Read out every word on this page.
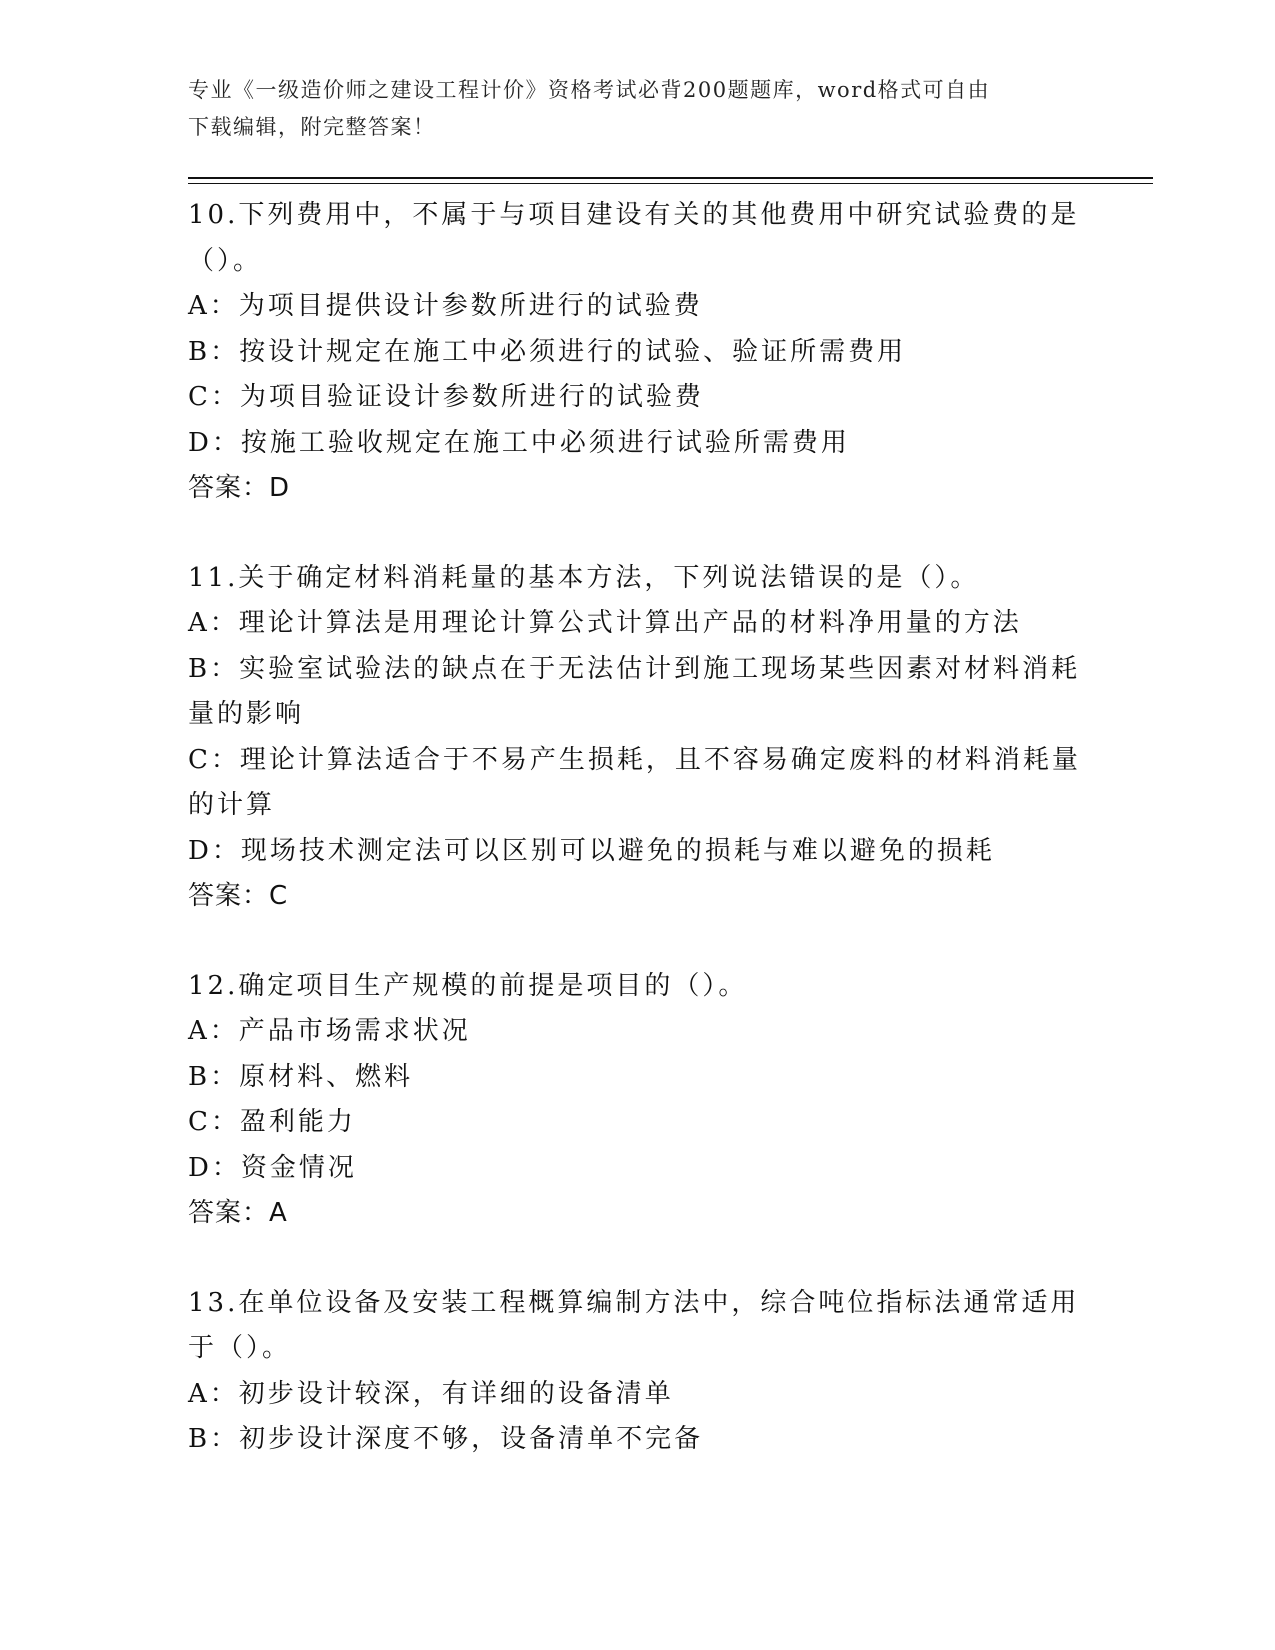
专业《一级造价师之建设工程计价》资格考试必背200题题库，word格式可自由
下载编辑，附完整答案！
10.下列费用中，不属于与项目建设有关的其他费用中研究试验费的是（）。
A：为项目提供设计参数所进行的试验费
B：按设计规定在施工中必须进行的试验、验证所需费用
C：为项目验证设计参数所进行的试验费
D：按施工验收规定在施工中必须进行试验所需费用
答案：D
11.关于确定材料消耗量的基本方法，下列说法错误的是（）。
A：理论计算法是用理论计算公式计算出产品的材料净用量的方法
B：实验室试验法的缺点在于无法估计到施工现场某些因素对材料消耗量的影响
C：理论计算法适合于不易产生损耗，且不容易确定废料的材料消耗量的计算
D：现场技术测定法可以区别可以避免的损耗与难以避免的损耗
答案：C
12.确定项目生产规模的前提是项目的（）。
A：产品市场需求状况
B：原材料、燃料
C：盈利能力
D：资金情况
答案：A
13.在单位设备及安装工程概算编制方法中，综合吨位指标法通常适用于（）。
A：初步设计较深，有详细的设备清单
B：初步设计深度不够，设备清单不完备
